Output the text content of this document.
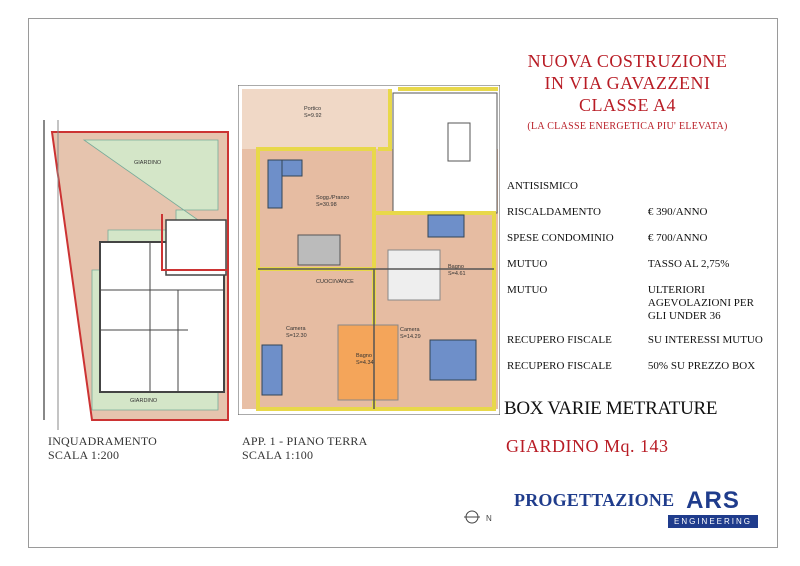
GIARDINO
GIARDINO
INQUADRAMENTO
SCALA 1:200
Portico
S=9.92
Sogg./Pranzo
S=30.98
CUOCI/VANCE
Bagno
S=4.61
Bagno
S=4.34
Camera
S=12.30
Camera
S=14.29
APP. 1 - PIANO TERRA
SCALA 1:100
NUOVA COSTRUZIONE
IN VIA GAVAZZENI
CLASSE A4
(LA CLASSE ENERGETICA PIU' ELEVATA)
ANTISISMICO
RISCALDAMENTO	€ 390/ANNO
SPESE CONDOMINIO	€ 700/ANNO
MUTUO	TASSO AL 2,75%
MUTUO	ULTERIORI AGEVOLAZIONI PER GLI UNDER 36
RECUPERO FISCALE	SU INTERESSI MUTUO
RECUPERO FISCALE	50% SU PREZZO BOX
BOX VARIE METRATURE
GIARDINO Mq. 143
N
PROGETTAZIONE ARS
ENGINEERING
